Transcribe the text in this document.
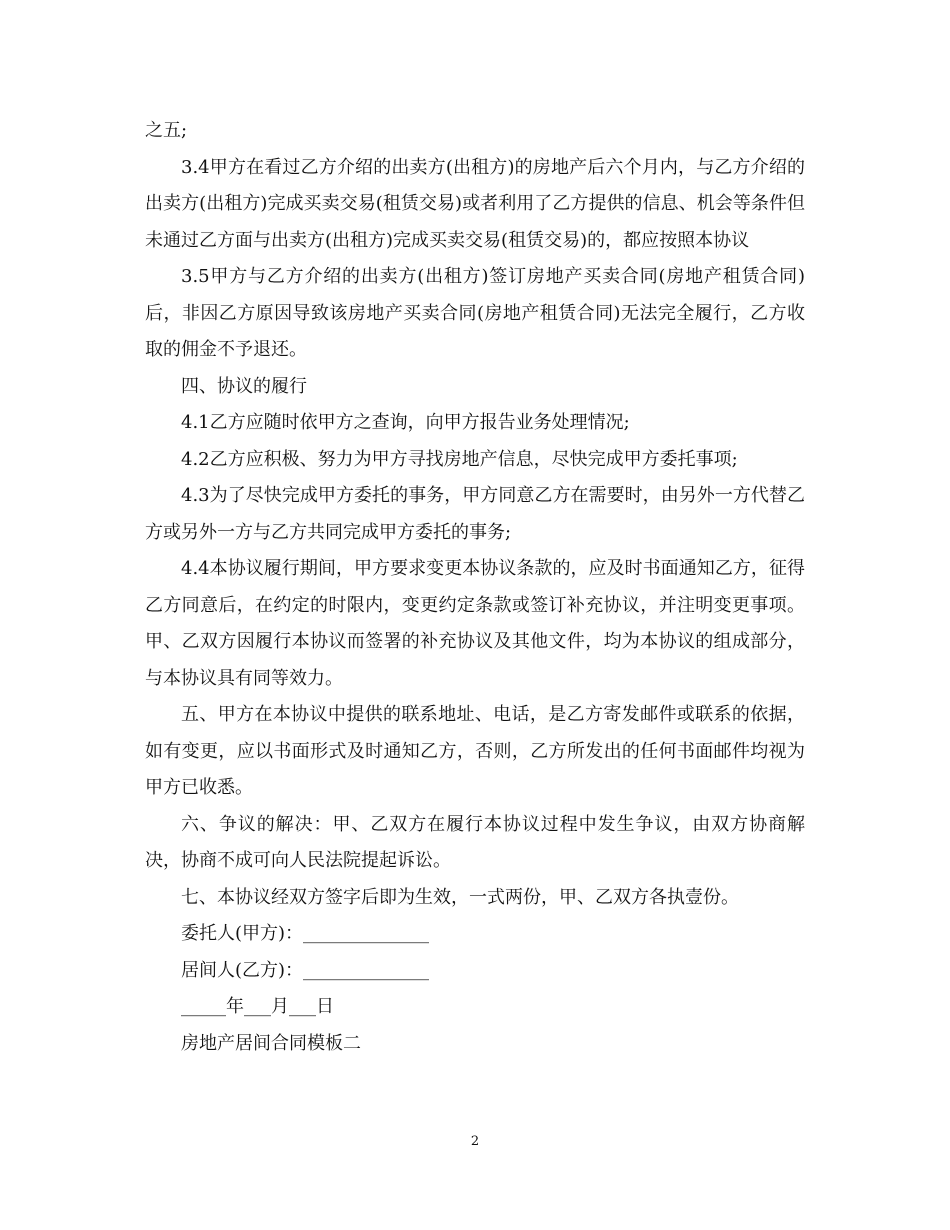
之五;

3.4甲方在看过乙方介绍的出卖方(出租方)的房地产后六个月内，与乙方介绍的出卖方(出租方)完成买卖交易(租赁交易)或者利用了乙方提供的信息、机会等条件但未通过乙方面与出卖方(出租方)完成买卖交易(租赁交易)的，都应按照本协议

3.5甲方与乙方介绍的出卖方(出租方)签订房地产买卖合同(房地产租赁合同)后，非因乙方原因导致该房地产买卖合同(房地产租赁合同)无法完全履行，乙方收取的佣金不予退还。

四、协议的履行

4.1乙方应随时依甲方之查询，向甲方报告业务处理情况;

4.2乙方应积极、努力为甲方寻找房地产信息，尽快完成甲方委托事项;

4.3为了尽快完成甲方委托的事务，甲方同意乙方在需要时，由另外一方代替乙方或另外一方与乙方共同完成甲方委托的事务;

4.4本协议履行期间，甲方要求变更本协议条款的，应及时书面通知乙方，征得乙方同意后，在约定的时限内，变更约定条款或签订补充协议，并注明变更事项。甲、乙双方因履行本协议而签署的补充协议及其他文件，均为本协议的组成部分，与本协议具有同等效力。

五、甲方在本协议中提供的联系地址、电话，是乙方寄发邮件或联系的依据，如有变更，应以书面形式及时通知乙方，否则，乙方所发出的任何书面邮件均视为甲方已收悉。

六、争议的解决：甲、乙双方在履行本协议过程中发生争议，由双方协商解决，协商不成可向人民法院提起诉讼。

七、本协议经双方签字后即为生效，一式两份，甲、乙双方各执壹份。

委托人(甲方)：______________

居间人(乙方)：______________

_____年___月___日

房地产居间合同模板二

2
